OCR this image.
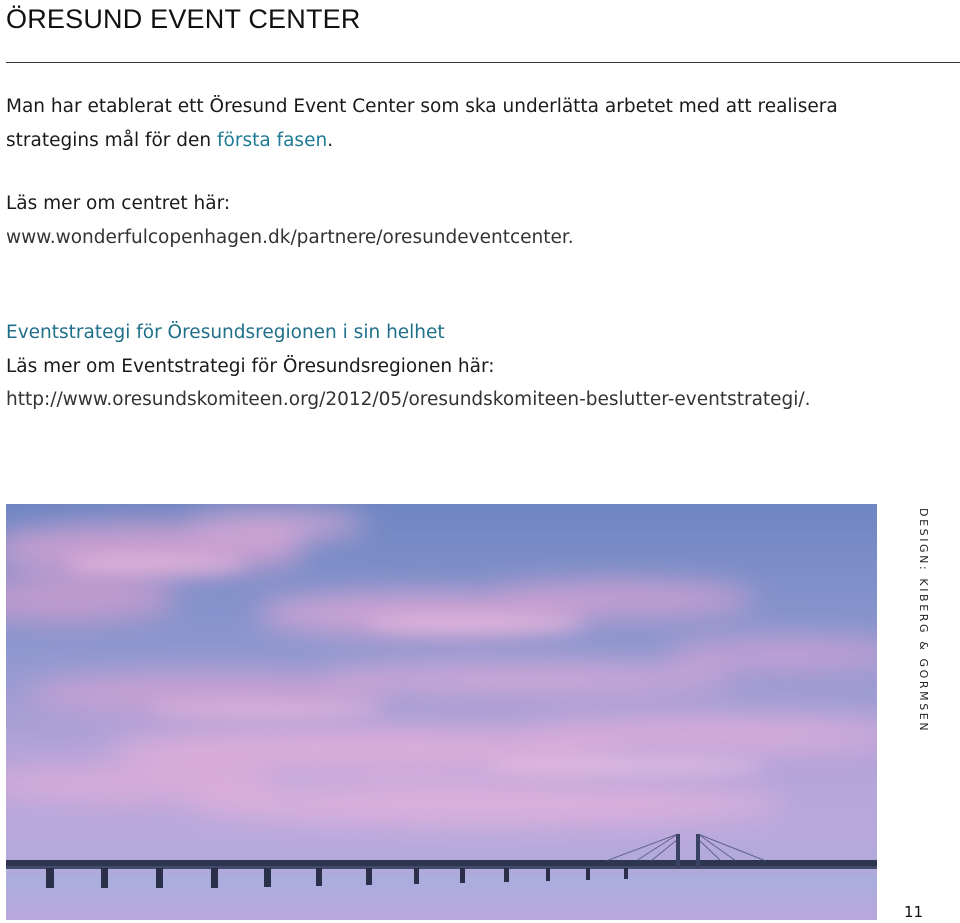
ÖRESUND EVENT CENTER

Man har etablerat ett Öresund Event Center som ska underlätta arbetet med att realisera
strategins mål för den första fasen.

Läs mer om centret här:
www.wonderfulcopenhagen.dk/partnere/oresundeventcenter.

Eventstrategi för Öresundsregionen i sin helhet

Läs mer om Eventstrategi för Öresundsregionen här:

http://www.oresundskomiteen.org/2012/05/oresundskomiteen-beslutter-eventstrategi/.

DESIGN: KIBERG & GORMSEN
11
